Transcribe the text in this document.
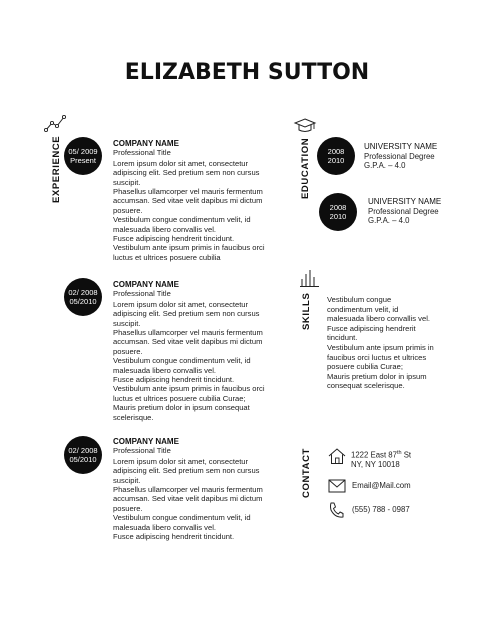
ELIZABETH SUTTON
EXPERIENCE 05/ 2009
Present
COMPANY NAME
Professional Title

Lorem ipsum dolor sit amet, consectetur

adipiscing elit. Sed pretium sem non cursus

suscipit.

Phasellus ullamcorper vel mauris fermentum

accumsan. Sed vitae velit dapibus mi dictum

posuere.

Vestibulum congue condimentum velit, id

malesuada libero convallis vel.

Fusce adipiscing hendrerit tincidunt.

Vestibulum ante ipsum primis in faucibus orci

luctus et ultrices posuere cubilia

02/ 2008
05/2010
COMPANY NAME
Professional Title

Lorem ipsum dolor sit amet, consectetur

adipiscing elit. Sed pretium sem non cursus

suscipit.

Phasellus ullamcorper vel mauris fermentum

accumsan. Sed vitae velit dapibus mi dictum

posuere.

Vestibulum congue condimentum velit, id

malesuada libero convallis vel.

Fusce adipiscing hendrerit tincidunt.

Vestibulum ante ipsum primis in faucibus orci

luctus et ultrices posuere cubilia Curae;

Mauris pretium dolor in ipsum consequat

scelerisque.

02/ 2008
05/2010
COMPANY NAME
Professional Title

Lorem ipsum dolor sit amet, consectetur

adipiscing elit. Sed pretium sem non cursus

suscipit.

Phasellus ullamcorper vel mauris fermentum

accumsan. Sed vitae velit dapibus mi dictum

posuere.

Vestibulum congue condimentum velit, id

malesuada libero convallis vel.

Fusce adipiscing hendrerit tincidunt.

EDUCATION 2008
2010
UNIVERSITY NAME
Professional Degree
G.P.A. – 4.0
2008
2010
UNIVERSITY NAME
Professional Degree
G.P.A. – 4.0
SKILLS Vestibulum congue

condimentum velit, id

malesuada libero convallis vel.

Fusce adipiscing hendrerit

tincidunt.

Vestibulum ante ipsum primis in

faucibus orci luctus et ultrices

posuere cubilia Curae;

Mauris pretium dolor in ipsum

consequat scelerisque.

CONTACT	1222 East 87th St
NY, NY 10018
Email@Mail.com
(555) 788 - 0987
